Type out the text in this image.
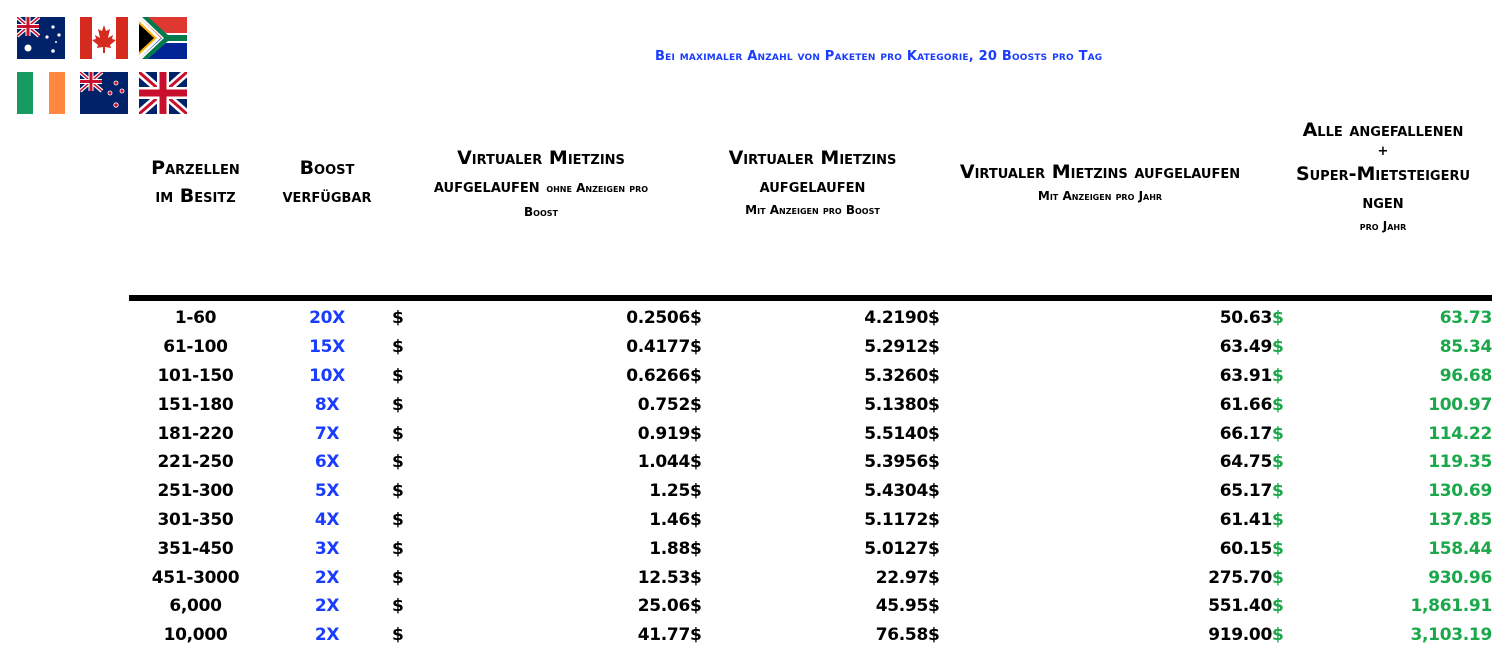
Bei maximaler Anzahl von Paketen pro Kategorie, 20 Boosts pro Tag
Parzellen
im Besitz
Boost
verfügbar
Virtualer Mietzins
aufgelaufen ohne Anzeigen pro
Boost
Virtualer Mietzins
aufgelaufen
Mit Anzeigen pro Boost
Virtualer Mietzins aufgelaufen
Mit Anzeigen pro Jahr
Alle angefallenen
+
Super-Mietsteigeru
ngen
pro Jahr
1-60	20X	$	0.2506	$	4.2190	$	50.63	$	63.73
61-100	15X	$	0.4177	$	5.2912	$	63.49	$	85.34
101-150	10X	$	0.6266	$	5.3260	$	63.91	$	96.68
151-180	8X	$	0.752	$	5.1380	$	61.66	$	100.97
181-220	7X	$	0.919	$	5.5140	$	66.17	$	114.22
221-250	6X	$	1.044	$	5.3956	$	64.75	$	119.35
251-300	5X	$	1.25	$	5.4304	$	65.17	$	130.69
301-350	4X	$	1.46	$	5.1172	$	61.41	$	137.85
351-450	3X	$	1.88	$	5.0127	$	60.15	$	158.44
451-3000	2X	$	12.53	$	22.97	$	275.70	$	930.96
6,000	2X	$	25.06	$	45.95	$	551.40	$	1,861.91
10,000	2X	$	41.77	$	76.58	$	919.00	$	3,103.19
